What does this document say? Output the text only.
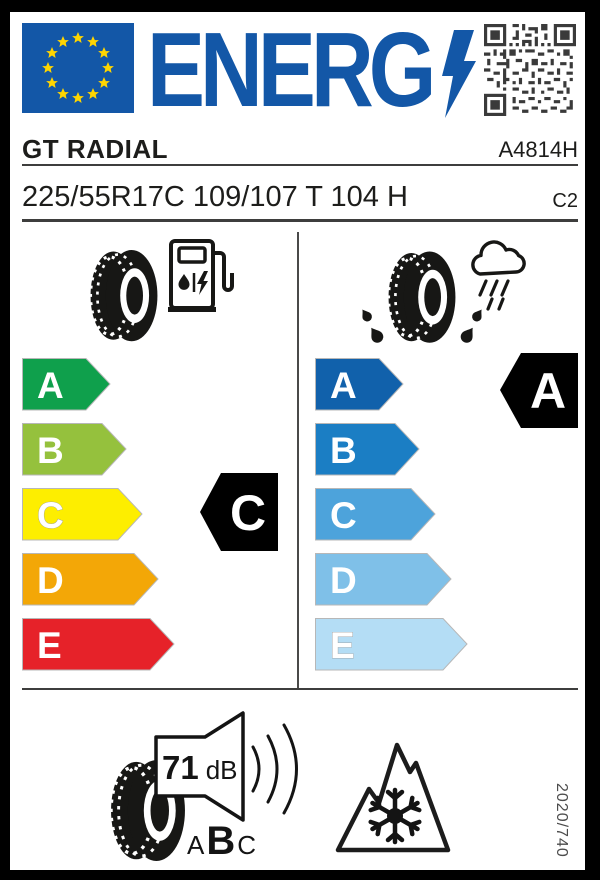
ENERG
GT RADIAL	A4814H
225/55R17C 109/107 T 104 H	C2
A
B
C
D
E
C
A
B
C
D
E
A
71 dB
ABC	2020/740
